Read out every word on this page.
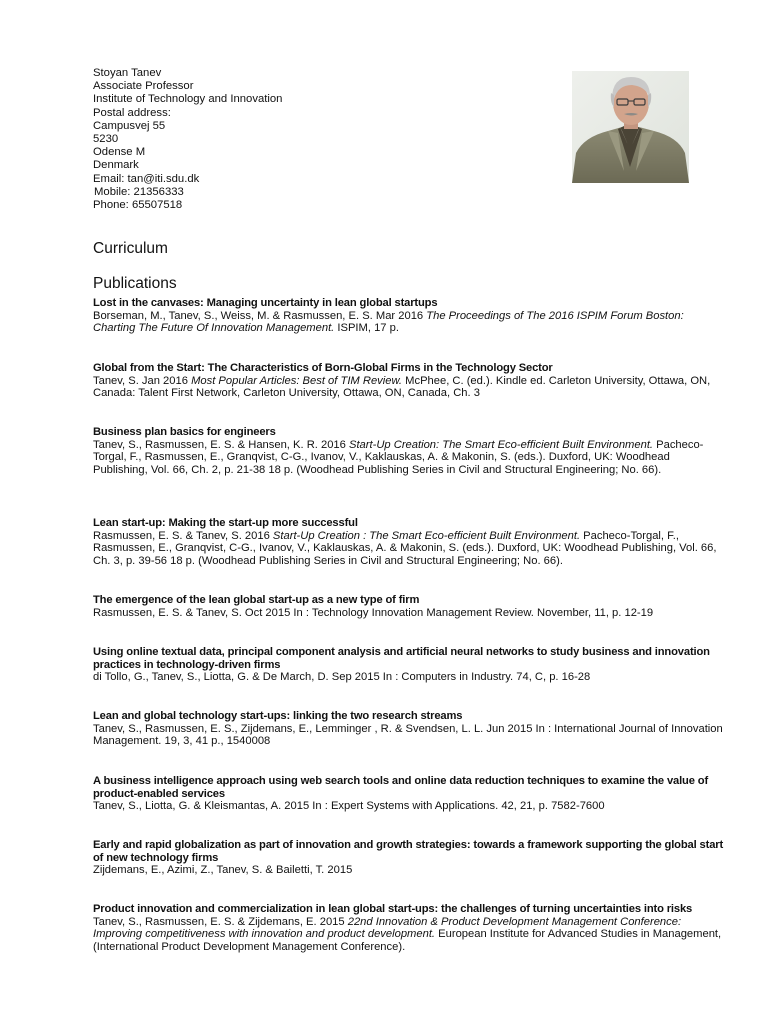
Stoyan Tanev
Associate Professor
Institute of Technology and Innovation
Postal address:
Campusvej 55
5230
Odense M
Denmark
Email: tan@iti.sdu.dk
Mobile: 21356333
Phone: 65507518
Curriculum
Publications
Lost in the canvases: Managing uncertainty in lean global startups
Borseman, M., Tanev, S., Weiss, M. & Rasmussen, E. S. Mar 2016 The Proceedings of The 2016 ISPIM Forum Boston: Charting The Future Of Innovation Management. ISPIM, 17 p.
Global from the Start: The Characteristics of Born-Global Firms in the Technology Sector
Tanev, S. Jan 2016 Most Popular Articles: Best of TIM Review. McPhee, C. (ed.). Kindle ed. Carleton University, Ottawa, ON, Canada: Talent First Network, Carleton University, Ottawa, ON, Canada, Ch. 3
Business plan basics for engineers
Tanev, S., Rasmussen, E. S. & Hansen, K. R. 2016 Start-Up Creation: The Smart Eco-efficient Built Environment. Pacheco-Torgal, F., Rasmussen, E., Granqvist, C-G., Ivanov, V., Kaklauskas, A. & Makonin, S. (eds.). Duxford, UK: Woodhead Publishing, Vol. 66, Ch. 2, p. 21-38 18 p. (Woodhead Publishing Series in Civil and Structural Engineering; No. 66).
Lean start-up: Making the start-up more successful
Rasmussen, E. S. & Tanev, S. 2016 Start-Up Creation : The Smart Eco-efficient Built Environment. Pacheco-Torgal, F., Rasmussen, E., Granqvist, C-G., Ivanov, V., Kaklauskas, A. & Makonin, S. (eds.). Duxford, UK: Woodhead Publishing, Vol. 66, Ch. 3, p. 39-56 18 p. (Woodhead Publishing Series in Civil and Structural Engineering; No. 66).
The emergence of the lean global start-up as a new type of firm
Rasmussen, E. S. & Tanev, S. Oct 2015 In : Technology Innovation Management Review. November, 11, p. 12-19
Using online textual data, principal component analysis and artificial neural networks to study business and innovation practices in technology-driven firms
di Tollo, G., Tanev, S., Liotta, G. & De March, D. Sep 2015 In : Computers in Industry. 74, C, p. 16-28
Lean and global technology start-ups: linking the two research streams
Tanev, S., Rasmussen, E. S., Zijdemans, E., Lemminger , R. & Svendsen, L. L. Jun 2015 In : International Journal of Innovation Management. 19, 3, 41 p., 1540008
A business intelligence approach using web search tools and online data reduction techniques to examine the value of product-enabled services
Tanev, S., Liotta, G. & Kleismantas, A. 2015 In : Expert Systems with Applications. 42, 21, p. 7582-7600
Early and rapid globalization as part of innovation and growth strategies: towards a framework supporting the global start of new technology firms
Zijdemans, E., Azimi, Z., Tanev, S. & Bailetti, T. 2015
Product innovation and commercialization in lean global start-ups: the challenges of turning uncertainties into risks
Tanev, S., Rasmussen, E. S. & Zijdemans, E. 2015 22nd Innovation & Product Development Management Conference: Improving competitiveness with innovation and product development. European Institute for Advanced Studies in Management, (International Product Development Management Conference).
